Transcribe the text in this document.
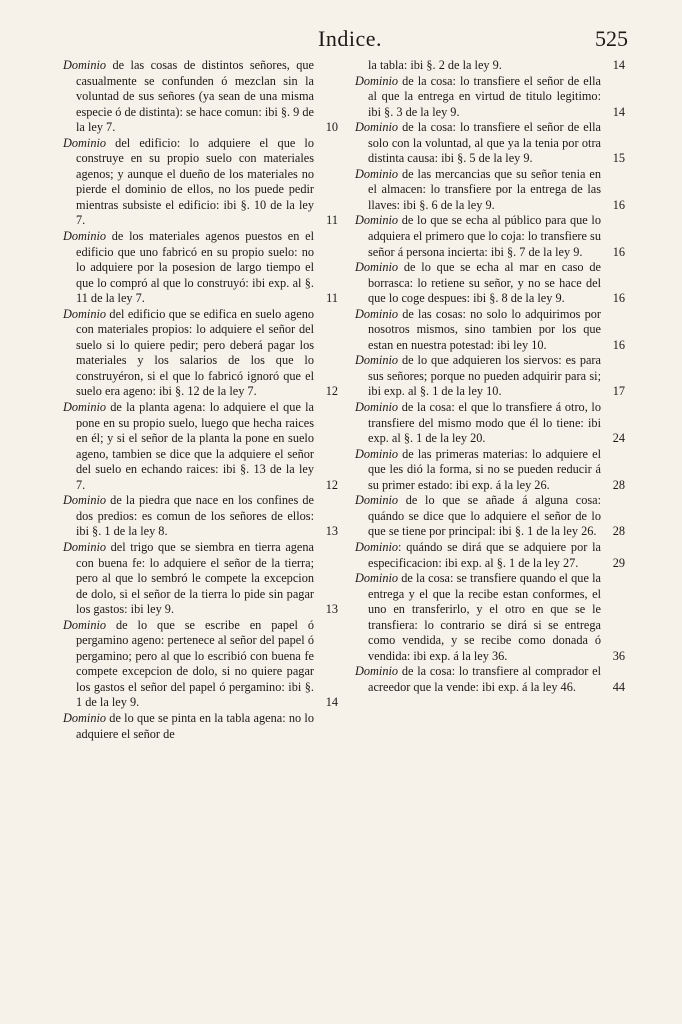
Indice.	525

Dominio de las cosas de distintos señores, que casualmente se confunden ó mezclan sin la voluntad de sus señores (ya sean de una misma especie ó de distinta): se hace comun: ibi §. 9 de la ley 7.	10

Dominio del edificio: lo adquiere el que lo construye en su propio suelo con materiales agenos; y aunque el dueño de los materiales no pierde el dominio de ellos, no los puede pedir mientras subsiste el edificio: ibi §. 10 de la ley 7.	11

Dominio de los materiales agenos puestos en el edificio que uno fabricó en su propio suelo: no lo adquiere por la posesion de largo tiempo el que lo compró al que lo construyó: ibi exp. al §. 11 de la ley 7.	11

Dominio del edificio que se edifica en suelo ageno con materiales propios: lo adquiere el señor del suelo si lo quiere pedir; pero deberá pagar los materiales y los salarios de los que lo construyéron, si el que lo fabricó ignoró que el suelo era ageno: ibi §. 12 de la ley 7.	12

Dominio de la planta agena: lo adquiere el que la pone en su propio suelo, luego que hecha raices en él; y si el señor de la planta la pone en suelo ageno, tambien se dice que la adquiere el señor del suelo en echando raices: ibi §. 13 de la ley 7.	12

Dominio de la piedra que nace en los confines de dos predios: es comun de los señores de ellos: ibi §. 1 de la ley 8.	13

Dominio del trigo que se siembra en tierra agena con buena fe: lo adquiere el señor de la tierra; pero al que lo sembró le compete la excepcion de dolo, si el señor de la tierra lo pide sin pagar los gastos: ibi ley 9.	13

Dominio de lo que se escribe en papel ó pergamino ageno: pertenece al señor del papel ó pergamino; pero al que lo escribió con buena fe compete excepcion de dolo, si no quiere pagar los gastos el señor del papel ó pergamino: ibi §. 1 de la ley 9.	14

Dominio de lo que se pinta en la tabla agena: no lo adquiere el señor de

la tabla: ibi §. 2 de la ley 9.	14

Dominio de la cosa: lo transfiere el señor de ella al que la entrega en virtud de titulo legitimo: ibi §. 3 de la ley 9.	14

Dominio de la cosa: lo transfiere el señor de ella solo con la voluntad, al que ya la tenia por otra distinta causa: ibi §. 5 de la ley 9.	15

Dominio de las mercancias que su señor tenia en el almacen: lo transfiere por la entrega de las llaves: ibi §. 6 de la ley 9.	16

Dominio de lo que se echa al público para que lo adquiera el primero que lo coja: lo transfiere su señor á persona incierta: ibi §. 7 de la ley 9.	16

Dominio de lo que se echa al mar en caso de borrasca: lo retiene su señor, y no se hace del que lo coge despues: ibi §. 8 de la ley 9.	16

Dominio de las cosas: no solo lo adquirimos por nosotros mismos, sino tambien por los que estan en nuestra potestad: ibi ley 10.	16

Dominio de lo que adquieren los siervos: es para sus señores; porque no pueden adquirir para si; ibi exp. al §. 1 de la ley 10.	17

Dominio de la cosa: el que lo transfiere á otro, lo transfiere del mismo modo que él lo tiene: ibi exp. al §. 1 de la ley 20.	24

Dominio de las primeras materias: lo adquiere el que les dió la forma, si no se pueden reducir á su primer estado: ibi exp. á la ley 26.	28

Dominio de lo que se añade á alguna cosa: quándo se dice que lo adquiere el señor de lo que se tiene por principal: ibi §. 1 de la ley 26.	28

Dominio: quándo se dirá que se adquiere por la especificacion: ibi exp. al §. 1 de la ley 27.	29

Dominio de la cosa: se transfiere quando el que la entrega y el que la recibe estan conformes, el uno en transferirlo, y el otro en que se le transfiera: lo contrario se dirá si se entrega como vendida, y se recibe como donada ó vendida: ibi exp. á la ley 36.	36

Dominio de la cosa: lo transfiere al comprador el acreedor que la vende: ibi exp. á la ley 46.	44
